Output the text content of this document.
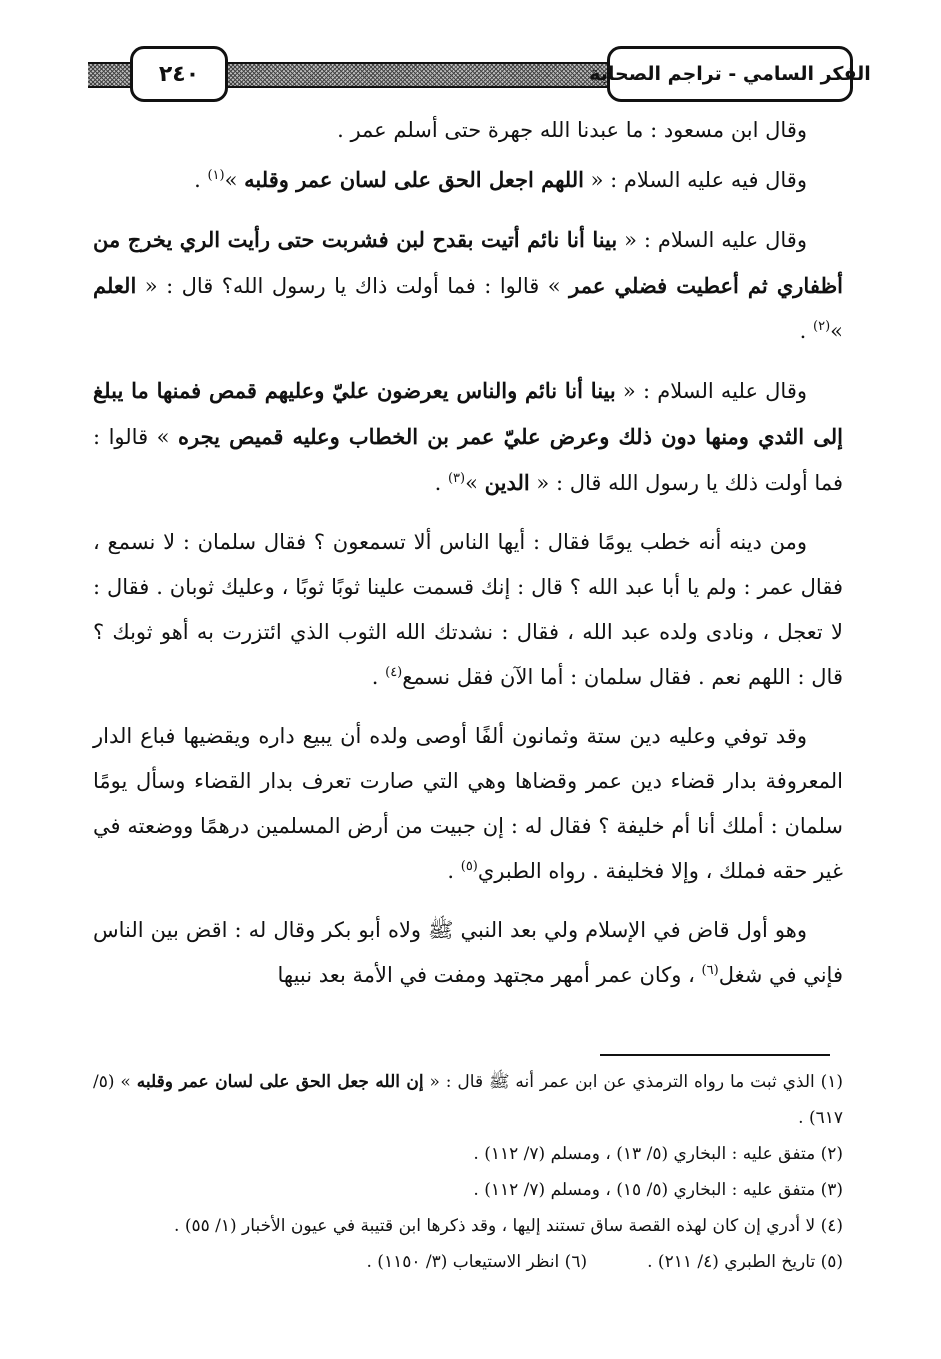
الفكر السامي - تراجم الصحابة
٢٤٠

وقال ابن مسعود : ما عبدنا الله جهرة حتى أسلم عمر .

وقال فيه عليه السلام : « اللهم اجعل الحق على لسان عمر وقلبه »$^{(١)}$ .

وقال عليه السلام : « بينا أنا نائم أتيت بقدح لبن فشربت حتى رأيت الري يخرج من أظفاري ثم أعطيت فضلي عمر » قالوا : فما أولت ذاك يا رسول الله؟ قال : « العلم »$^{(٢)}$ .

وقال عليه السلام : « بينا أنا نائم والناس يعرضون عليّ وعليهم قمص فمنها ما يبلغ إلى الثدي ومنها دون ذلك وعرض عليّ عمر بن الخطاب وعليه قميص يجره » قالوا : فما أولت ذلك يا رسول الله قال : « الدين »$^{(٣)}$ .

ومن دينه أنه خطب يومًا فقال : أيها الناس ألا تسمعون ؟ فقال سلمان : لا نسمع ، فقال عمر : ولم يا أبا عبد الله ؟ قال : إنك قسمت علينا ثوبًا ثوبًا ، وعليك ثوبان . فقال : لا تعجل ، ونادى ولده عبد الله ، فقال : نشدتك الله الثوب الذي ائتزرت به أهو ثوبك ؟ قال : اللهم نعم . فقال سلمان : أما الآن فقل نسمع$^{(٤)}$ .

وقد توفي وعليه دين ستة وثمانون ألفًا أوصى ولده أن يبيع داره ويقضيها فباع الدار المعروفة بدار قضاء دين عمر وقضاها وهي التي صارت تعرف بدار القضاء وسأل يومًا سلمان : أملك أنا أم خليفة ؟ فقال له : إن جبيت من أرض المسلمين درهمًا ووضعته في غير حقه فملك ، وإلا فخليفة . رواه الطبري$^{(٥)}$ .

وهو أول قاض في الإسلام ولي بعد النبي ﷺ ولاه أبو بكر وقال له : اقض بين الناس فإني في شغل$^{(٦)}$ ، وكان عمر أمهر مجتهد ومفت في الأمة بعد نبيها

(١) الذي ثبت ما رواه الترمذي عن ابن عمر أنه ﷺ قال : « إن الله جعل الحق على لسان عمر وقلبه » (٥/ ٦١٧) .

(٢) متفق عليه : البخاري (٥/ ١٣) ، ومسلم (٧/ ١١٢) .

(٣) متفق عليه : البخاري (٥/ ١٥) ، ومسلم (٧/ ١١٢) .

(٤) لا أدري إن كان لهذه القصة ساق تستند إليها ، وقد ذكرها ابن قتيبة في عيون الأخبار (١/ ٥٥) .

(٥) تاريخ الطبري (٤/ ٢١١) .
(٦) انظر الاستيعاب (٣/ ١١٥٠) .
